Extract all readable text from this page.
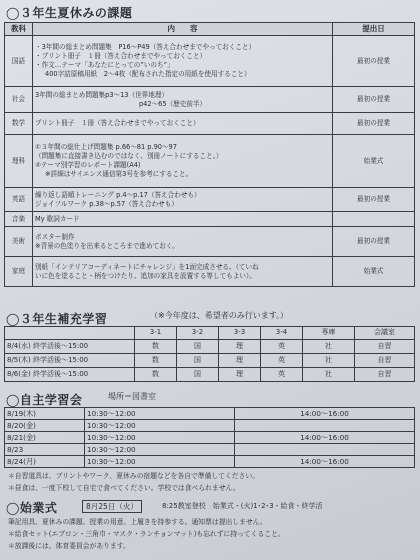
◯３年生夏休みの課題
教科	内　　容	提出日
国語	・3年間の総まとめ問題集　P16～P49（答え合わせまでやっておくこと）
・プリント冊子　１冊（答え合わせまでやっておくこと）
・作文…テーマ「あなたにとっての”いのち”」
400字詰原稿用紙　2～4枚（配布された指定の用紙を使用すること）	最初の授業
社会	3年間の総まとめ問題集p3～13（世界地理）
p42～65（歴史前半）	最初の授業
数学	プリント冊子　１冊（答え合わせまでやっておくこと）	最初の授業
理科	①３年間の総仕上げ問題集 p.66～81 p.90～97
（問題集に直接書き込むのではなく、別冊ノートにすること。）
②テーマ別学習のレポート課題(A4)
※詳細はサイエンス通信第3号を参考にすること。	始業式
英語	繰り返し語順トレーニング p.4～p.17（答え合わせも）
ジョイフルワーク p.38～p.57（答え合わせも）	最初の授業
音楽	My 歌詞カード	

美術	ポスター制作
※背景の色塗りを出来るところまで進めておく。	最初の授業
家庭	別紙「インテリアコーディネートにチャレンジ」を1面完成させる。（ていね
いに色を塗ること・柄をつけたり、追加の家具を設置する等してもよい）。	始業式
◯３年生補充学習	（※今年度は、希望者のみ行います。）
	3-1	3-2	3-3	3-4	専庫	会議室
8/4(水) 終学活後～15:00	数	国	理	英	社	自習
8/5(木) 終学活後～15:00	数	国	理	英	社	自習
8/6(金) 終学活後～15:00	数	国	理	英	社	自習
◯自主学習会	場所＝図書室
8/19(木)	10:30～12:00	14:00～16:00
8/20(金)	10:30～12:00	
8/21(金)	10:30～12:00	14:00～16:00
8/23	10:30～12:00	
8/24(月)	10:30～12:00	14:00～16:00
＊自習道具は、プリントやワーク、夏休みの宿題などを各自で準備してください。
＊昼食は、一度下校して自宅で食べてください。学校では食べられません。
◯始業式	8月25日（火）	8:25教室登校　始業式・(火)1･2･3・給食・終学活
筆記用具、夏休みの課題、授業の用意、上履きを持参する。通知票は提出しません。
＊給食セット(エプロン・三角巾・マスク・ランチョンマット)も忘れずに持ってくること。
＊放課後には、体育委員会があります。
